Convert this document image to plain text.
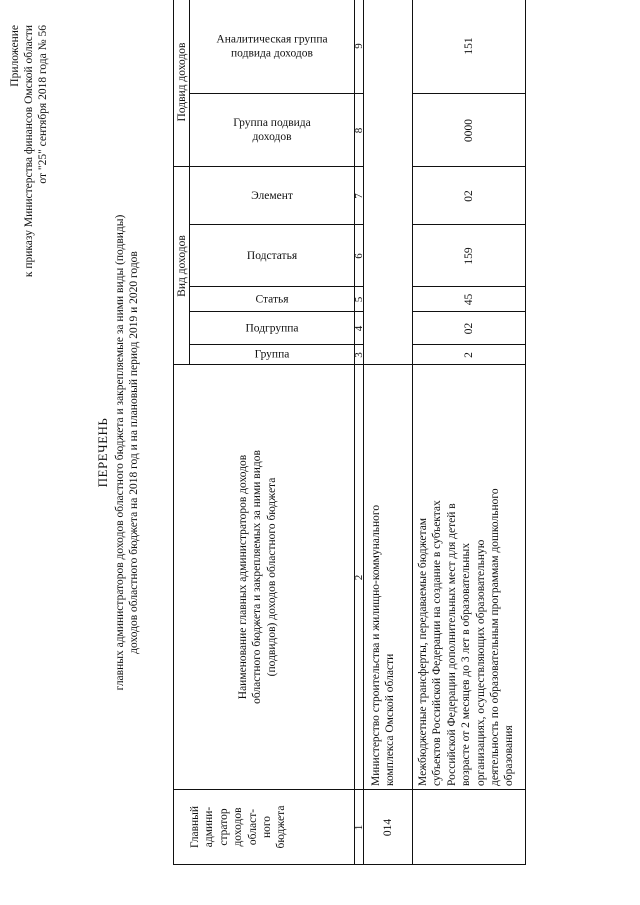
Приложение к приказу Министерства финансов Омской области от "25" сентября 2018 года № 56
ПЕРЕЧЕНЬ главных администраторов доходов областного бюджета и закрепляемые за ними виды (подвиды) доходов областного бюджета на 2018 год и на плановый период 2019 и 2020 годов
Главный админи- стратор доходов област- ного бюджета
Наименование главных администраторов доходов областного бюджета и закрепляемых за ними видов (подвидов) доходов областного бюджета
Вид доходов
Подвид доходов
Группа
Подгруппа
Статья
Подстатья
Элемент
Группа подвида
доходов
Аналитическая группа
подвида доходов
1
2
3
4
5
6
7
8
9
014
Министерство строительства и жилищно-коммунального комплекса Омской области Межбюджетные трансферты, передаваемые бюджетам субъектов Российской Федерации на создание в субъектах Российской Федерации дополнительных мест для детей в возрасте от 2 месяцев до 3 лет в образовательных организациях, осуществляющих образовательную деятельность по образовательным программам дошкольного образования
2
02
45
159
02
0000
151
